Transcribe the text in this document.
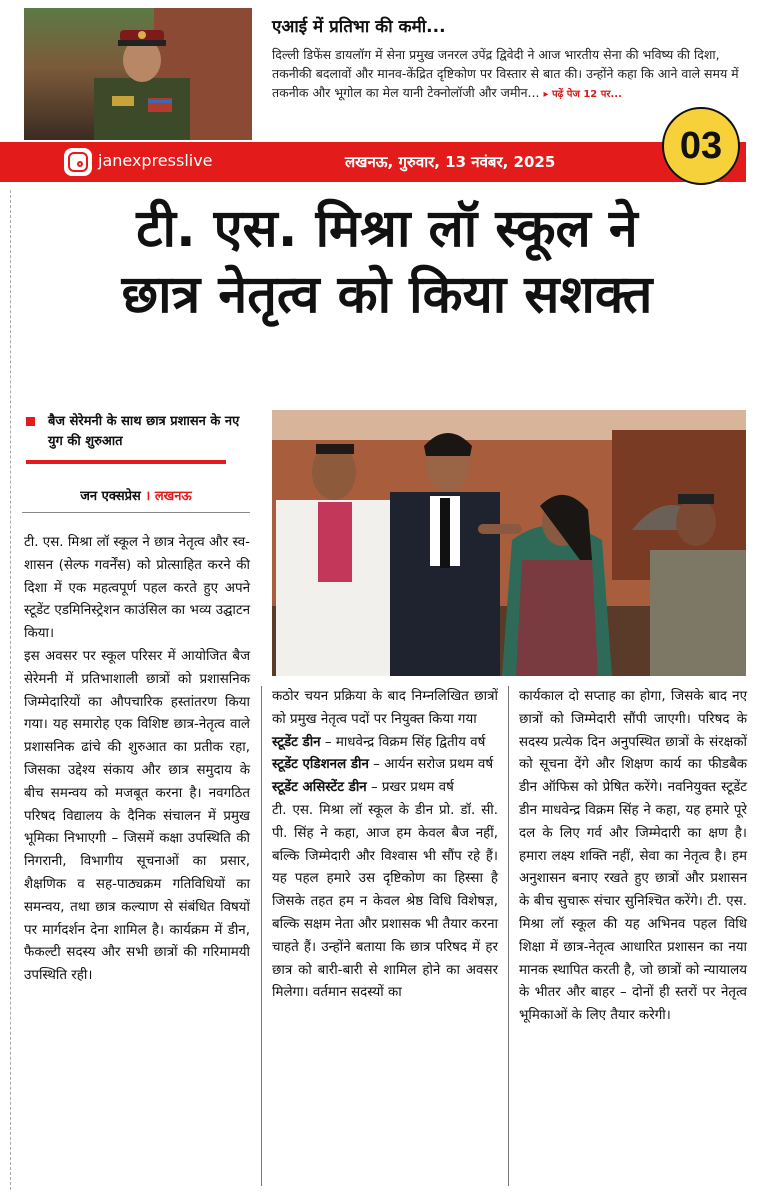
एआई में प्रतिभा की कमी...
दिल्ली डिफेंस डायलॉग में सेना प्रमुख जनरल उपेंद्र द्विवेदी ने आज भारतीय सेना की भविष्य की दिशा, तकनीकी बदलावों और मानव-केंद्रित दृष्टिकोण पर विस्तार से बात की। उन्होंने कहा कि आने वाले समय में तकनीक और भूगोल का मेल यानी टेक्नोलॉजी और जमीन... ▸ पढ़ें पेज 12 पर...
janexpresslive	लखनऊ, गुरुवार, 13 नवंबर, 2025	03
टी. एस. मिश्रा लॉ स्कूल ने
छात्र नेतृत्व को किया सशक्त
बैज सेरेमनी के साथ छात्र प्रशासन के नए युग की शुरुआत
जन एक्सप्रेस । लखनऊ

टी. एस. मिश्रा लॉ स्कूल ने छात्र नेतृत्व और स्व-शासन (सेल्फ गवर्नेंस) को प्रोत्साहित करने की दिशा में एक महत्वपूर्ण पहल करते हुए अपने स्टूडेंट एडमिनिस्ट्रेशन काउंसिल का भव्य उद्घाटन किया।

इस अवसर पर स्कूल परिसर में आयोजित बैज सेरेमनी में प्रतिभाशाली छात्रों को प्रशासनिक जिम्मेदारियों का औपचारिक हस्तांतरण किया गया। यह समारोह एक विशिष्ट छात्र-नेतृत्व वाले प्रशासनिक ढांचे की शुरुआत का प्रतीक रहा, जिसका उद्देश्य संकाय और छात्र समुदाय के बीच समन्वय को मजबूत करना है। नवगठित परिषद विद्यालय के दैनिक संचालन में प्रमुख भूमिका निभाएगी – जिसमें कक्षा उपस्थिति की निगरानी, विभागीय सूचनाओं का प्रसार, शैक्षणिक व सह-पाठ्यक्रम गतिविधियों का समन्वय, तथा छात्र कल्याण से संबंधित विषयों पर मार्गदर्शन देना शामिल है। कार्यक्रम में डीन, फैकल्टी सदस्य और सभी छात्रों की गरिमामयी उपस्थिति रही।

कठोर चयन प्रक्रिया के बाद निम्नलिखित छात्रों को प्रमुख नेतृत्व पदों पर नियुक्त किया गया

स्टूडेंट डीन – माधवेन्द्र विक्रम सिंह द्वितीय वर्ष

स्टूडेंट एडिशनल डीन – आर्यन सरोज प्रथम वर्ष

स्टूडेंट असिस्टेंट डीन – प्रखर प्रथम वर्ष

टी. एस. मिश्रा लॉ स्कूल के डीन प्रो. डॉ. सी. पी. सिंह ने कहा, आज हम केवल बैज नहीं, बल्कि जिम्मेदारी और विश्वास भी सौंप रहे हैं। यह पहल हमारे उस दृष्टिकोण का हिस्सा है जिसके तहत हम न केवल श्रेष्ठ विधि विशेषज्ञ, बल्कि सक्षम नेता और प्रशासक भी तैयार करना चाहते हैं। उन्होंने बताया कि छात्र परिषद में हर छात्र को बारी-बारी से शामिल होने का अवसर मिलेगा। वर्तमान सदस्यों का

कार्यकाल दो सप्ताह का होगा, जिसके बाद नए छात्रों को जिम्मेदारी सौंपी जाएगी। परिषद के सदस्य प्रत्येक दिन अनुपस्थित छात्रों के संरक्षकों को सूचना देंगे और शिक्षण कार्य का फीडबैक डीन ऑफिस को प्रेषित करेंगे। नवनियुक्त स्टूडेंट डीन माधवेन्द्र विक्रम सिंह ने कहा, यह हमारे पूरे दल के लिए गर्व और जिम्मेदारी का क्षण है। हमारा लक्ष्य शक्ति नहीं, सेवा का नेतृत्व है। हम अनुशासन बनाए रखते हुए छात्रों और प्रशासन के बीच सुचारू संचार सुनिश्चित करेंगे। टी. एस. मिश्रा लॉ स्कूल की यह अभिनव पहल विधि शिक्षा में छात्र-नेतृत्व आधारित प्रशासन का नया मानक स्थापित करती है, जो छात्रों को न्यायालय के भीतर और बाहर – दोनों ही स्तरों पर नेतृत्व भूमिकाओं के लिए तैयार करेगी।
